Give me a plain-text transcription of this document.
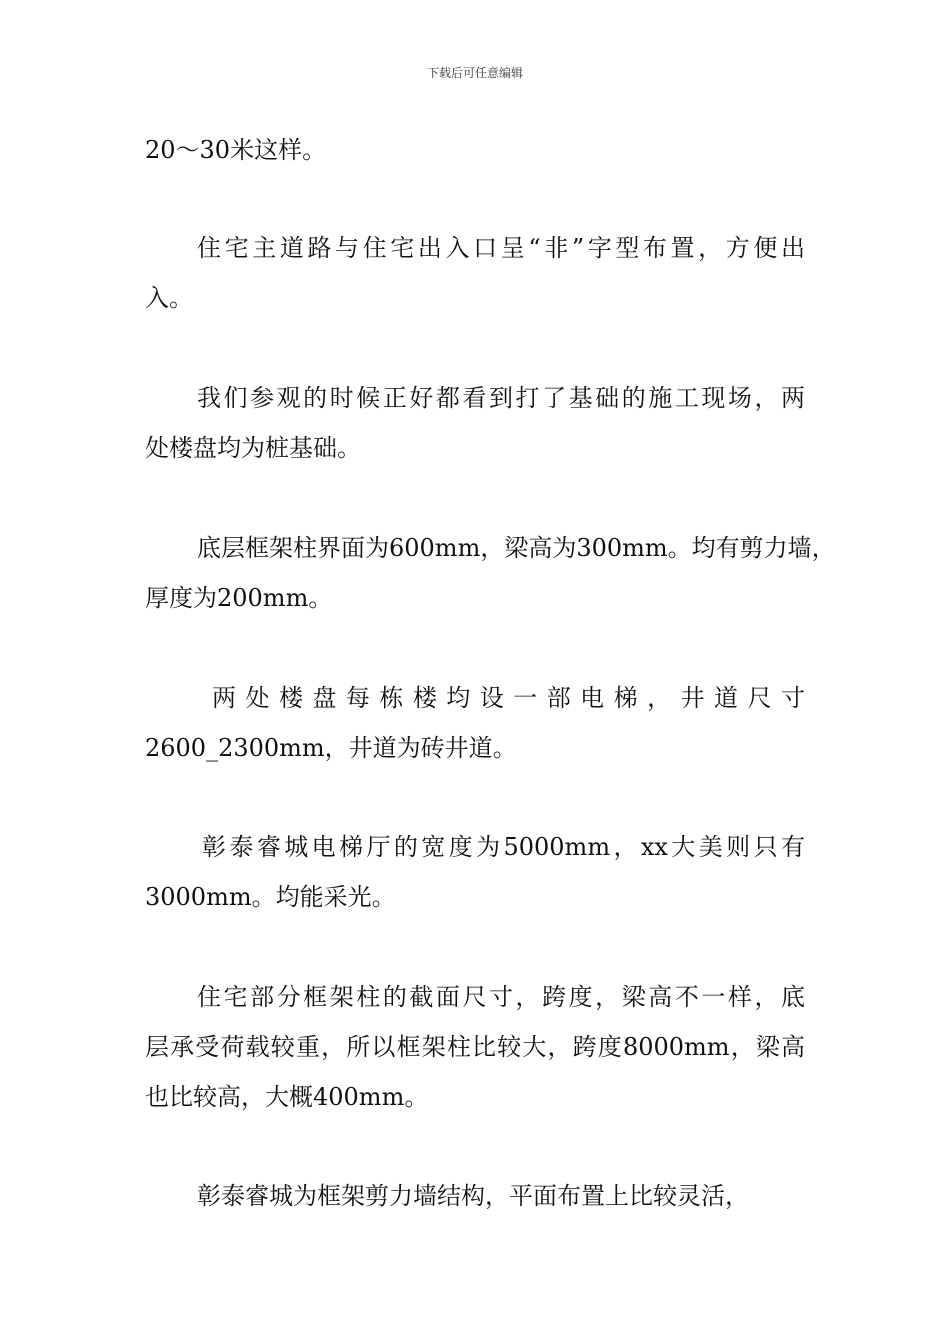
下载后可任意编辑
20～30米这样。
住宅主道路与住宅出入口呈“非”字型布置，方便出
入。
我们参观的时候正好都看到打了基础的施工现场，两
处楼盘均为桩基础。
底层框架柱界面为600mm，梁高为300mm。均有剪力墙，
厚度为200mm。
两处楼盘每栋楼均设一部电梯，井道尺寸
2600_2300mm，井道为砖井道。
彰泰睿城电梯厅的宽度为5000mm，xx大美则只有
3000mm。均能采光。
住宅部分框架柱的截面尺寸，跨度，梁高不一样，底
层承受荷载较重，所以框架柱比较大，跨度8000mm，梁高
也比较高，大概400mm。
彰泰睿城为框架剪力墙结构，平面布置上比较灵活，
